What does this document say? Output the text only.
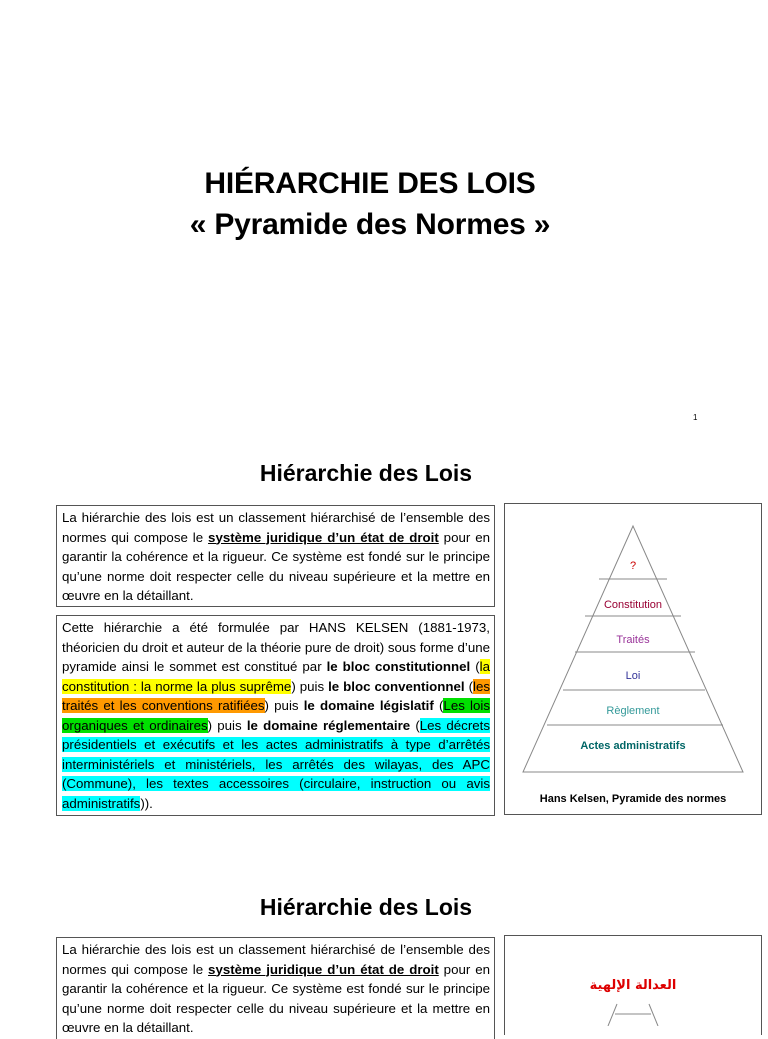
HIÉRARCHIE DES LOIS
« Pyramide des Normes »
1
Hiérarchie des Lois
La hiérarchie des lois est un classement hiérarchisé de l’ensemble des normes qui compose le système juridique d’un état de droit pour en garantir la cohérence et la rigueur. Ce système est fondé sur le principe qu’une norme doit respecter celle du niveau supérieure et la mettre en œuvre en la détaillant.
Cette hiérarchie a été formulée par HANS KELSEN (1881-1973, théoricien du droit et auteur de la théorie pure de droit) sous forme d’une pyramide ainsi le sommet est constitué par le bloc constitutionnel (la constitution : la norme la plus suprême) puis le bloc conventionnel (les traités et les conventions ratifiées) puis le domaine législatif (Les lois organiques et ordinaires) puis le domaine réglementaire (Les décrets présidentiels et exécutifs et les actes administratifs à type d’arrêtés interministériels et ministériels, les arrêtés des wilayas, des APC (Commune), les textes accessoires (circulaire, instruction ou avis administratifs)).
?
Constitution
Traités
Loi
Règlement
Actes administratifs
Hans Kelsen, Pyramide des normes
Hiérarchie des Lois
La hiérarchie des lois est un classement hiérarchisé de l’ensemble des normes qui compose le système juridique d’un état de droit pour en garantir la cohérence et la rigueur. Ce système est fondé sur le principe qu’une norme doit respecter celle du niveau supérieure et la mettre en œuvre en la détaillant.
العدالة الإلهية
